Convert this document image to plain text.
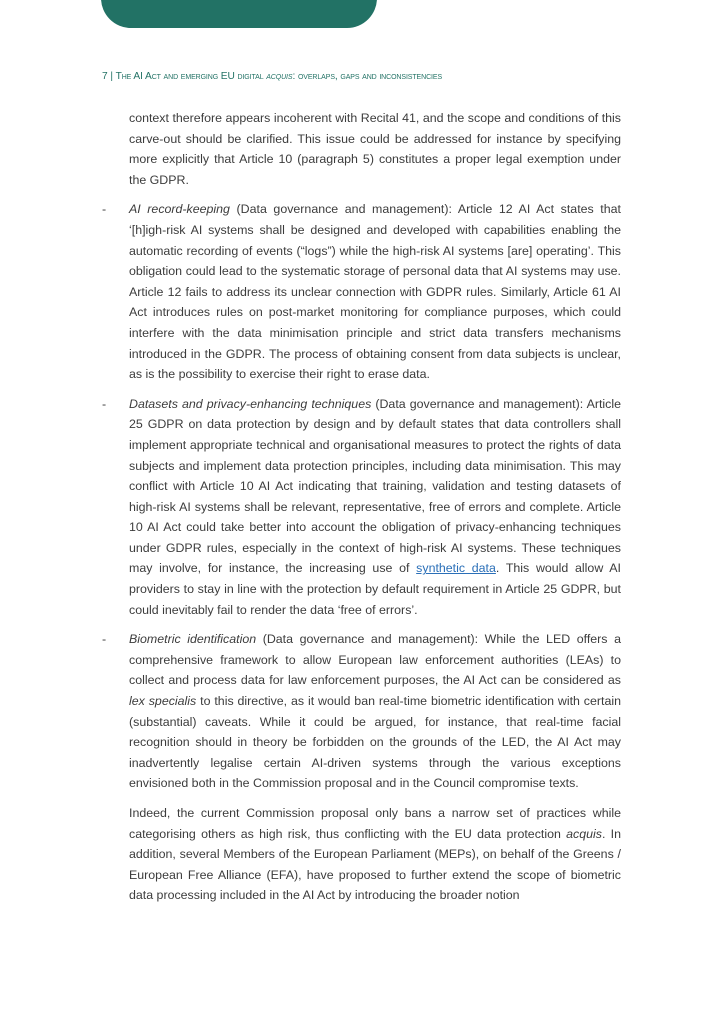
7 | The AI Act and emerging EU digital acquis: overlaps, gaps and inconsistencies

context therefore appears incoherent with Recital 41, and the scope and conditions of this carve-out should be clarified. This issue could be addressed for instance by specifying more explicitly that Article 10 (paragraph 5) constitutes a proper legal exemption under the GDPR.

- AI record-keeping (Data governance and management): Article 12 AI Act states that ‘[h]igh-risk AI systems shall be designed and developed with capabilities enabling the automatic recording of events (“logs”) while the high-risk AI systems [are] operating’. This obligation could lead to the systematic storage of personal data that AI systems may use. Article 12 fails to address its unclear connection with GDPR rules. Similarly, Article 61 AI Act introduces rules on post-market monitoring for compliance purposes, which could interfere with the data minimisation principle and strict data transfers mechanisms introduced in the GDPR. The process of obtaining consent from data subjects is unclear, as is the possibility to exercise their right to erase data.

- Datasets and privacy-enhancing techniques (Data governance and management): Article 25 GDPR on data protection by design and by default states that data controllers shall implement appropriate technical and organisational measures to protect the rights of data subjects and implement data protection principles, including data minimisation. This may conflict with Article 10 AI Act indicating that training, validation and testing datasets of high-risk AI systems shall be relevant, representative, free of errors and complete. Article 10 AI Act could take better into account the obligation of privacy-enhancing techniques under GDPR rules, especially in the context of high-risk AI systems. These techniques may involve, for instance, the increasing use of synthetic data. This would allow AI providers to stay in line with the protection by default requirement in Article 25 GDPR, but could inevitably fail to render the data ‘free of errors’.

- Biometric identification (Data governance and management): While the LED offers a comprehensive framework to allow European law enforcement authorities (LEAs) to collect and process data for law enforcement purposes, the AI Act can be considered as lex specialis to this directive, as it would ban real-time biometric identification with certain (substantial) caveats. While it could be argued, for instance, that real-time facial recognition should in theory be forbidden on the grounds of the LED, the AI Act may inadvertently legalise certain AI-driven systems through the various exceptions envisioned both in the Commission proposal and in the Council compromise texts.

Indeed, the current Commission proposal only bans a narrow set of practices while categorising others as high risk, thus conflicting with the EU data protection acquis. In addition, several Members of the European Parliament (MEPs), on behalf of the Greens / European Free Alliance (EFA), have proposed to further extend the scope of biometric data processing included in the AI Act by introducing the broader notion
